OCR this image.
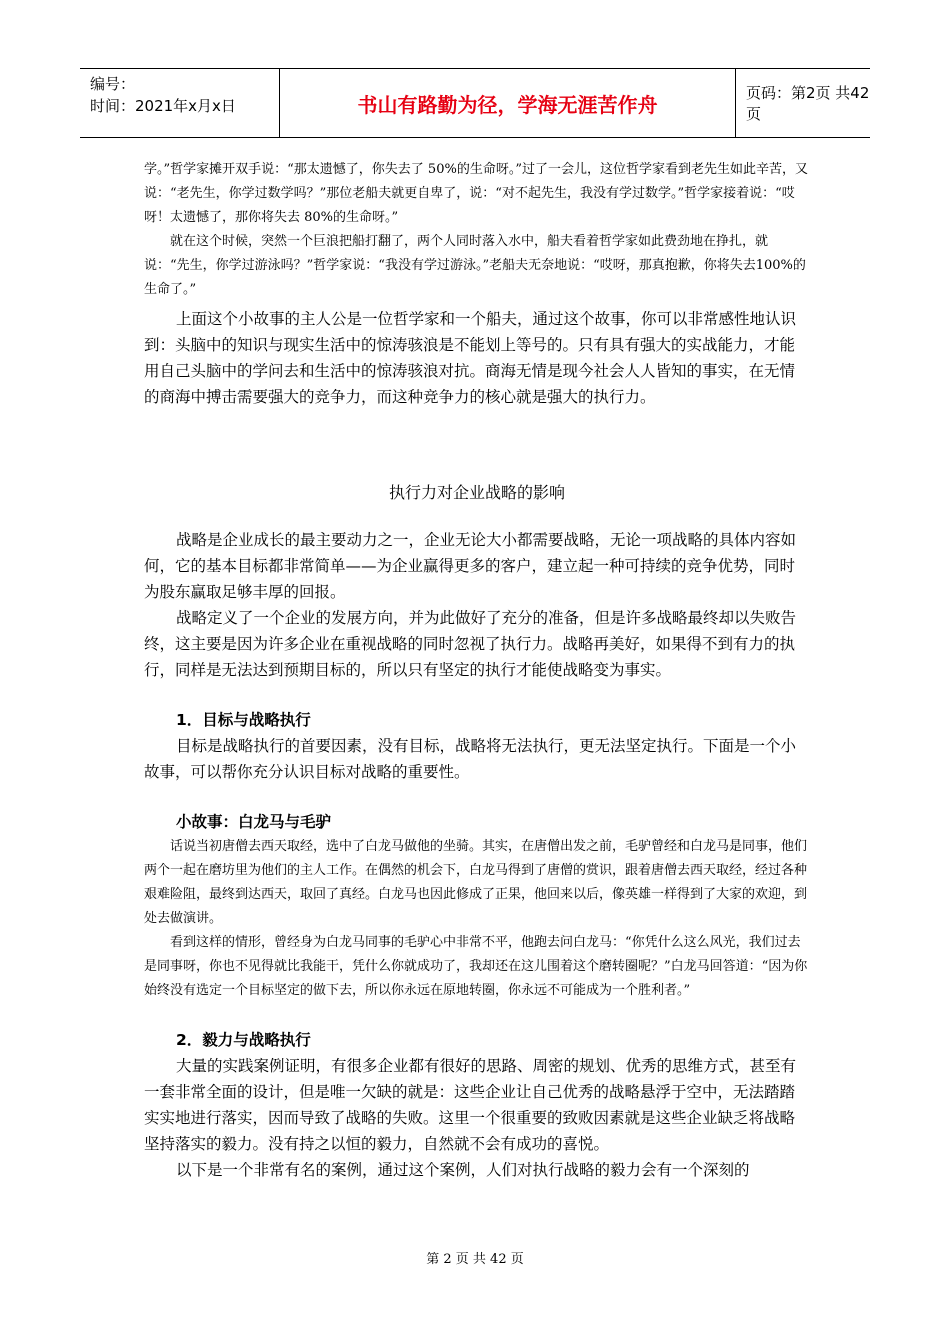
编号：
时间：2021年x月x日	书山有路勤为径，学海无涯苦作舟	页码：第2页 共42页

学。”哲学家摊开双手说：“那太遗憾了，你失去了 50%的生命呀。”过了一会儿，这位哲学家看到老先生如此辛苦，又说：“老先生，你学过数学吗？”那位老船夫就更自卑了，说：“对不起先生，我没有学过数学。”哲学家接着说：“哎呀！太遗憾了，那你将失去 80%的生命呀。”

就在这个时候，突然一个巨浪把船打翻了，两个人同时落入水中，船夫看着哲学家如此费劲地在挣扎，就说：“先生，你学过游泳吗？”哲学家说：“我没有学过游泳。”老船夫无奈地说：“哎呀，那真抱歉，你将失去100%的生命了。”

上面这个小故事的主人公是一位哲学家和一个船夫，通过这个故事，你可以非常感性地认识到：头脑中的知识与现实生活中的惊涛骇浪是不能划上等号的。只有具有强大的实战能力，才能用自己头脑中的学问去和生活中的惊涛骇浪对抗。商海无情是现今社会人人皆知的事实，在无情的商海中搏击需要强大的竞争力，而这种竞争力的核心就是强大的执行力。

执行力对企业战略的影响

战略是企业成长的最主要动力之一，企业无论大小都需要战略，无论一项战略的具体内容如何，它的基本目标都非常简单——为企业赢得更多的客户，建立起一种可持续的竞争优势，同时为股东赢取足够丰厚的回报。

战略定义了一个企业的发展方向，并为此做好了充分的准备，但是许多战略最终却以失败告终，这主要是因为许多企业在重视战略的同时忽视了执行力。战略再美好，如果得不到有力的执行，同样是无法达到预期目标的，所以只有坚定的执行才能使战略变为事实。

1．目标与战略执行

目标是战略执行的首要因素，没有目标，战略将无法执行，更无法坚定执行。下面是一个小故事，可以帮你充分认识目标对战略的重要性。

小故事：白龙马与毛驴

话说当初唐僧去西天取经，选中了白龙马做他的坐骑。其实，在唐僧出发之前，毛驴曾经和白龙马是同事，他们两个一起在磨坊里为他们的主人工作。在偶然的机会下，白龙马得到了唐僧的赏识，跟着唐僧去西天取经，经过各种艰难险阻，最终到达西天，取回了真经。白龙马也因此修成了正果，他回来以后，像英雄一样得到了大家的欢迎，到处去做演讲。

看到这样的情形，曾经身为白龙马同事的毛驴心中非常不平，他跑去问白龙马：“你凭什么这么风光，我们过去是同事呀，你也不见得就比我能干，凭什么你就成功了，我却还在这儿围着这个磨转圈呢？”白龙马回答道：“因为你始终没有选定一个目标坚定的做下去，所以你永远在原地转圈，你永远不可能成为一个胜利者。”

2．毅力与战略执行

大量的实践案例证明，有很多企业都有很好的思路、周密的规划、优秀的思维方式，甚至有一套非常全面的设计，但是唯一欠缺的就是：这些企业让自己优秀的战略悬浮于空中，无法踏踏实实地进行落实，因而导致了战略的失败。这里一个很重要的致败因素就是这些企业缺乏将战略坚持落实的毅力。没有持之以恒的毅力，自然就不会有成功的喜悦。

以下是一个非常有名的案例，通过这个案例，人们对执行战略的毅力会有一个深刻的

第 2 页 共 42 页
